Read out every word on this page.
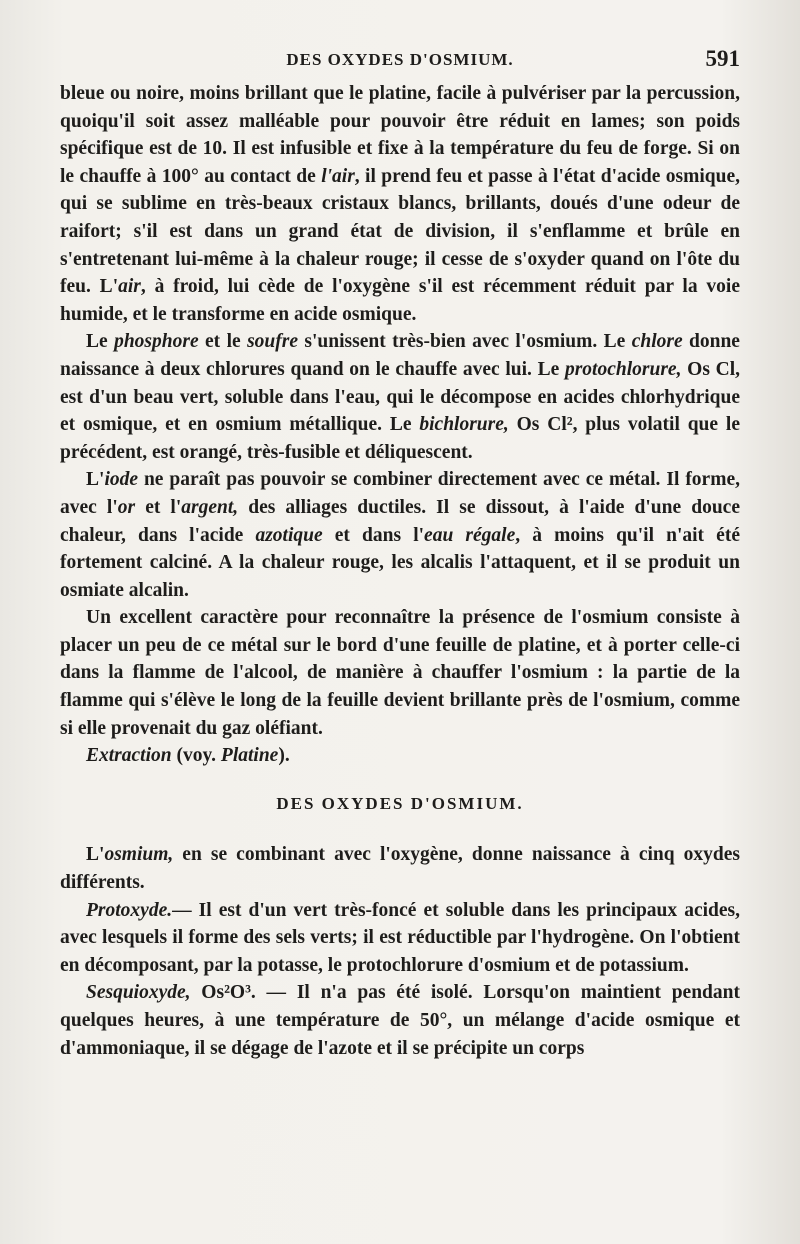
DES OXYDES D'OSMIUM.	591

bleue ou noire, moins brillant que le platine, facile à pulvériser par la percussion, quoiqu'il soit assez malléable pour pouvoir être réduit en lames; son poids spécifique est de 10. Il est infusible et fixe à la température du feu de forge. Si on le chauffe à 100° au contact de l'air, il prend feu et passe à l'état d'acide osmique, qui se sublime en très-beaux cristaux blancs, brillants, doués d'une odeur de raifort; s'il est dans un grand état de division, il s'enflamme et brûle en s'entretenant lui-même à la chaleur rouge; il cesse de s'oxyder quand on l'ôte du feu. L'air, à froid, lui cède de l'oxygène s'il est récemment réduit par la voie humide, et le transforme en acide osmique.

Le phosphore et le soufre s'unissent très-bien avec l'osmium. Le chlore donne naissance à deux chlorures quand on le chauffe avec lui. Le protochlorure, Os Cl, est d'un beau vert, soluble dans l'eau, qui le décompose en acides chlorhydrique et osmique, et en osmium métallique. Le bichlorure, Os Cl², plus volatil que le précédent, est orangé, très-fusible et déliquescent.

L'iode ne paraît pas pouvoir se combiner directement avec ce métal. Il forme, avec l'or et l'argent, des alliages ductiles. Il se dissout, à l'aide d'une douce chaleur, dans l'acide azotique et dans l'eau régale, à moins qu'il n'ait été fortement calciné. A la chaleur rouge, les alcalis l'attaquent, et il se produit un osmiate alcalin.

Un excellent caractère pour reconnaître la présence de l'osmium consiste à placer un peu de ce métal sur le bord d'une feuille de platine, et à porter celle-ci dans la flamme de l'alcool, de manière à chauffer l'osmium : la partie de la flamme qui s'élève le long de la feuille devient brillante près de l'osmium, comme si elle provenait du gaz oléfiant.

Extraction (voy. Platine).

DES OXYDES D'OSMIUM.

L'osmium, en se combinant avec l'oxygène, donne naissance à cinq oxydes différents.

Protoxyde.— Il est d'un vert très-foncé et soluble dans les principaux acides, avec lesquels il forme des sels verts; il est réductible par l'hydrogène. On l'obtient en décomposant, par la potasse, le protochlorure d'osmium et de potassium.

Sesquioxyde, Os²O³. — Il n'a pas été isolé. Lorsqu'on maintient pendant quelques heures, à une température de 50°, un mélange d'acide osmique et d'ammoniaque, il se dégage de l'azote et il se précipite un corps
